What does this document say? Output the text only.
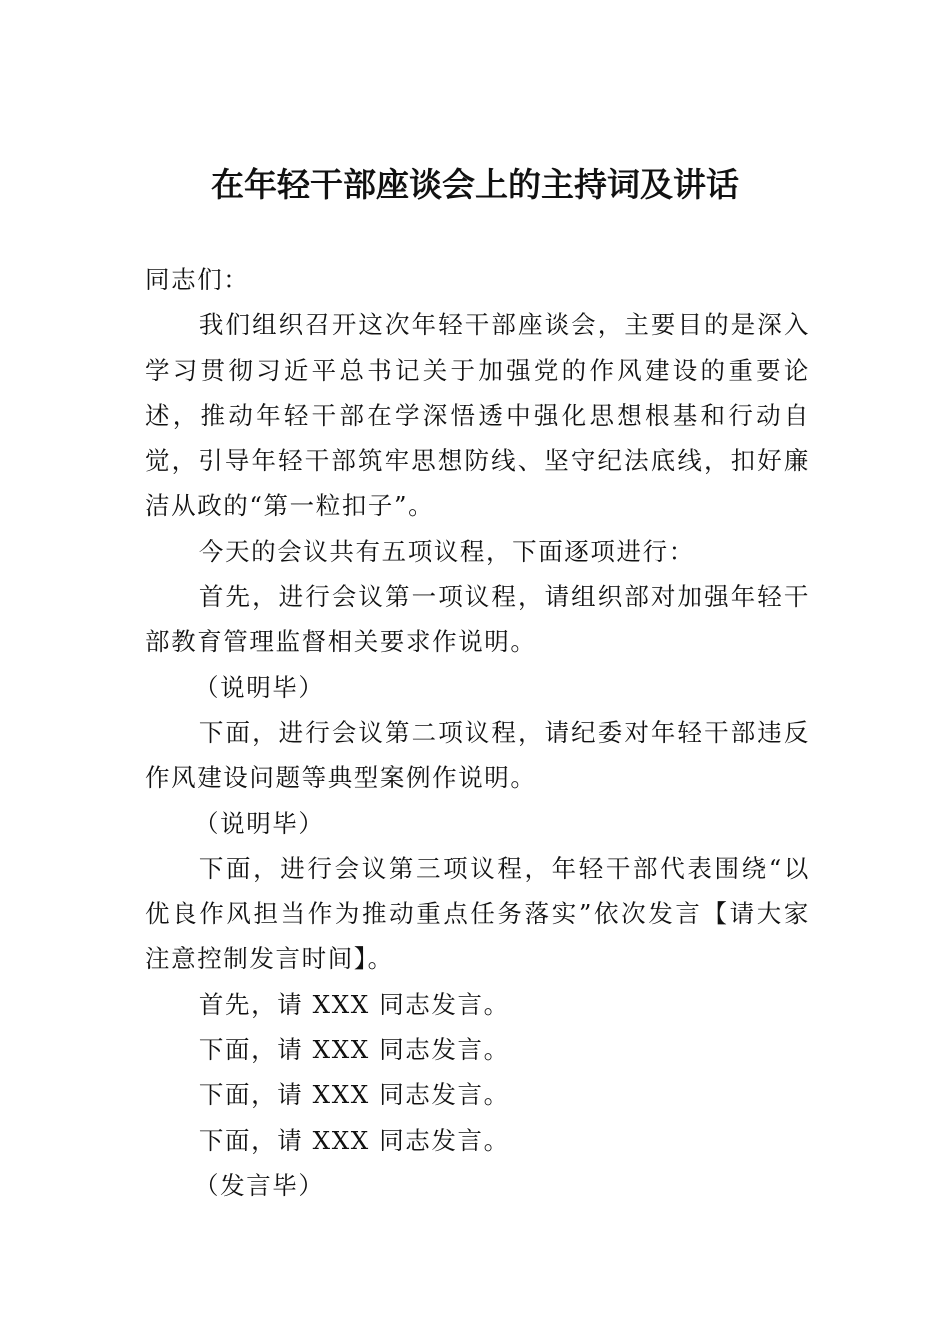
在年轻干部座谈会上的主持词及讲话

同志们：

我们组织召开这次年轻干部座谈会，主要目的是深入学习贯彻习近平总书记关于加强党的作风建设的重要论述，推动年轻干部在学深悟透中强化思想根基和行动自觉，引导年轻干部筑牢思想防线、坚守纪法底线，扣好廉洁从政的“第一粒扣子”。

今天的会议共有五项议程，下面逐项进行：

首先，进行会议第一项议程，请组织部对加强年轻干部教育管理监督相关要求作说明。

（说明毕）

下面，进行会议第二项议程，请纪委对年轻干部违反作风建设问题等典型案例作说明。

（说明毕）

下面，进行会议第三项议程，年轻干部代表围绕“以优良作风担当作为推动重点任务落实”依次发言【请大家注意控制发言时间】。

首先，请 XXX 同志发言。

下面，请 XXX 同志发言。

下面，请 XXX 同志发言。

下面，请 XXX 同志发言。

（发言毕）
